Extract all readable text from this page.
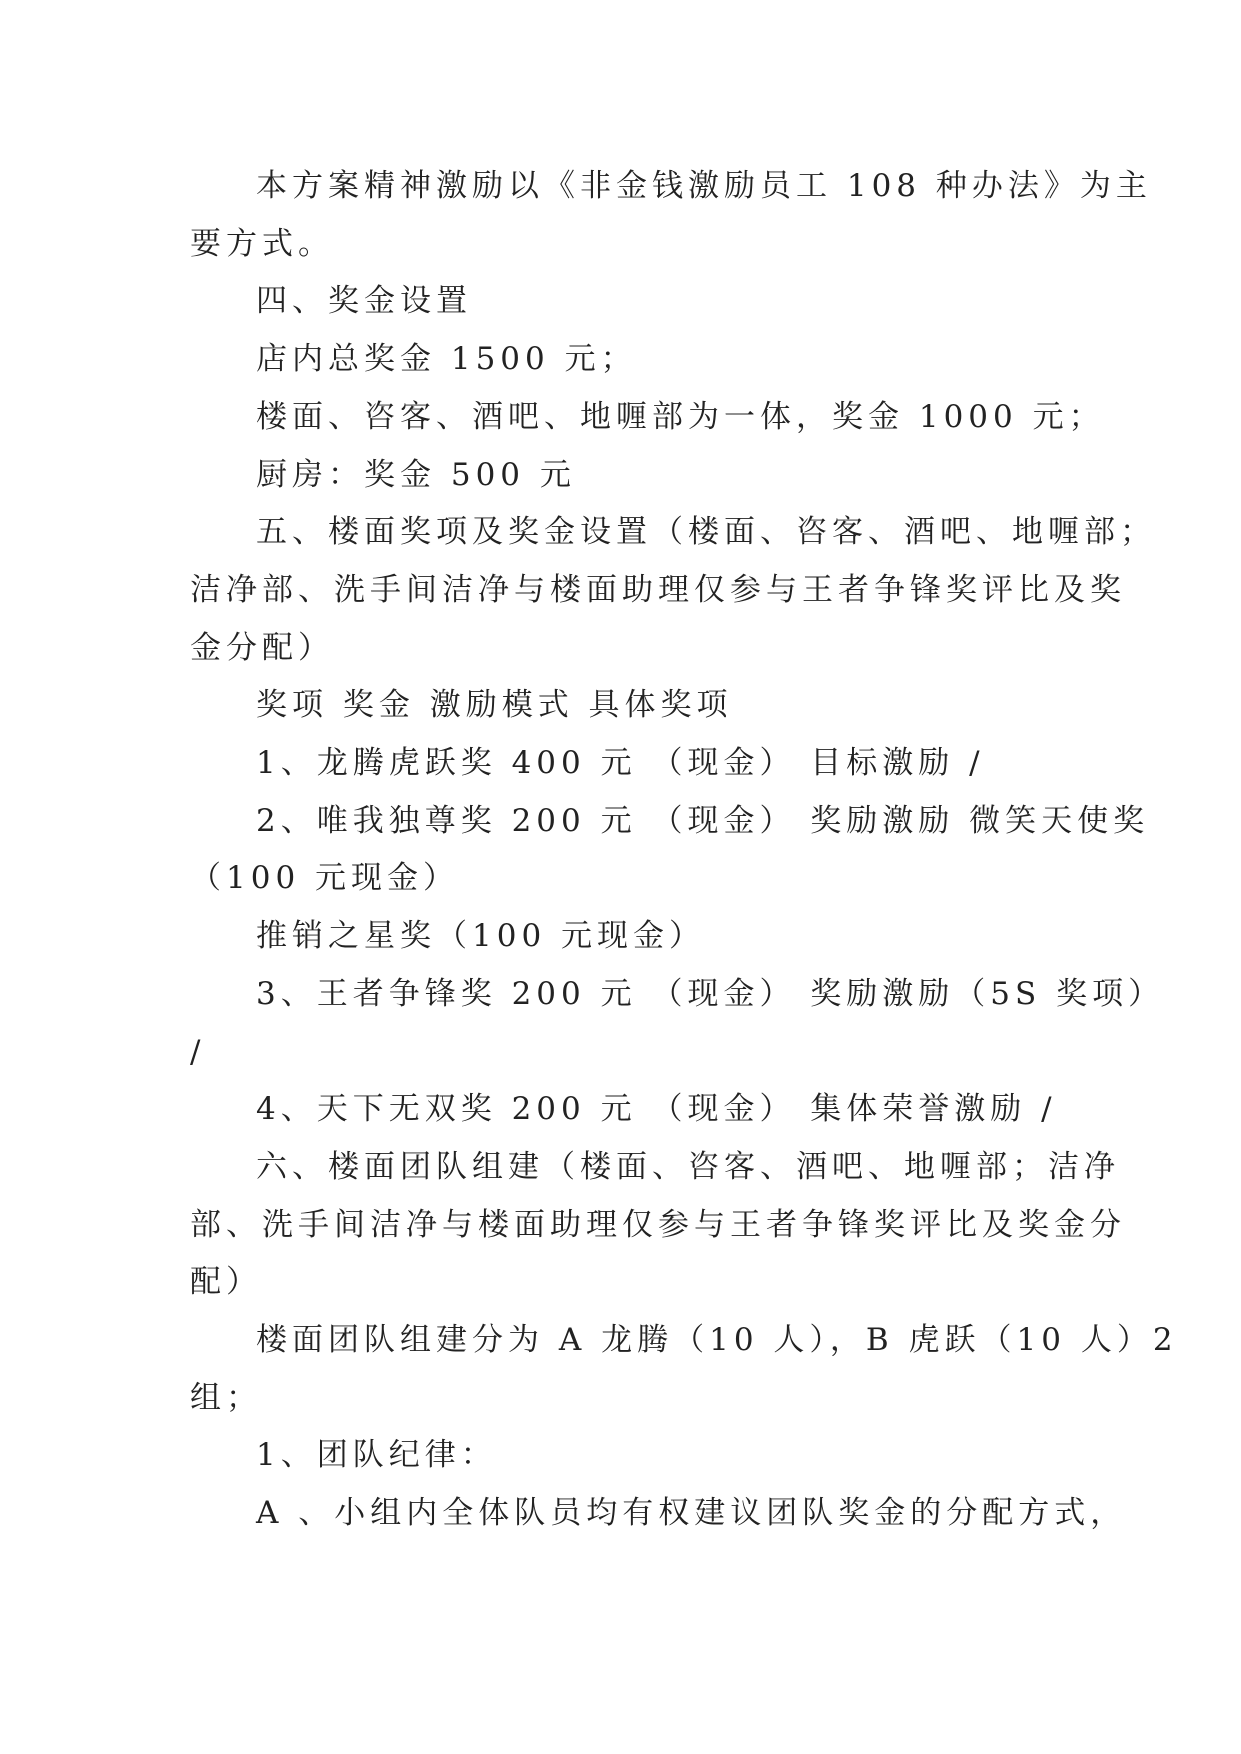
本方案精神激励以《非金钱激励员工 108 种办法》为主
要方式。
四、奖金设置
店内总奖金 1500 元；
楼面、咨客、酒吧、地喱部为一体，奖金 1000 元；
厨房：奖金 500 元
五、楼面奖项及奖金设置（楼面、咨客、酒吧、地喱部；
洁净部、洗手间洁净与楼面助理仅参与王者争锋奖评比及奖
金分配）
奖项 奖金 激励模式 具体奖项
1、龙腾虎跃奖 400 元 （现金） 目标激励 /
2、唯我独尊奖 200 元 （现金） 奖励激励 微笑天使奖
（100 元现金）
推销之星奖（100 元现金）
3、王者争锋奖 200 元 （现金） 奖励激励（5S 奖项）
/
4、天下无双奖 200 元 （现金） 集体荣誉激励 /
六、楼面团队组建（楼面、咨客、酒吧、地喱部；洁净
部、洗手间洁净与楼面助理仅参与王者争锋奖评比及奖金分
配）
楼面团队组建分为 A 龙腾（10 人），B 虎跃（10 人）2
组；
1、团队纪律：
A 、小组内全体队员均有权建议团队奖金的分配方式，
